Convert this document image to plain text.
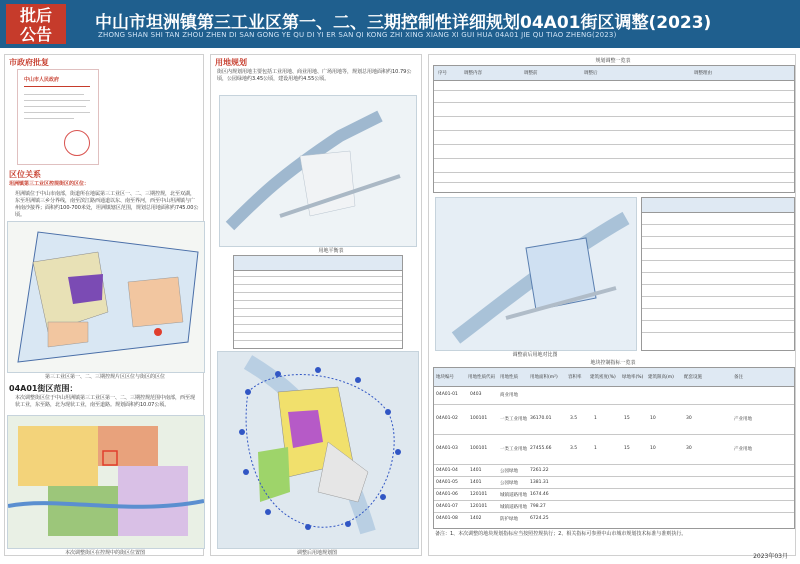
批后
公告
中山市坦洲镇第三工业区第一、二、三期控制性详细规划04A01街区调整(2023)
ZHONG SHAN SHI TAN ZHOU ZHEN DI SAN GONG YE QU DI YI ER SAN QI KONG ZHI XING XIANG XI GUI HUA 04A01 JIE QU TIAO ZHENG(2023)
市政府批复
中山市人民政府
区位关系
坦洲镇第三工业区控规街区的区位：
坦洲镇位于中山市南部，街道所在地属第三工业区一、二、三期控规，北至双湖，东至坦洲镇三乡分界线，南至滨江路西通道以东、南至界河，西至中山坦洲镇与广州南沙接界；面积约100-700米处，坦洲镇辖区范围，规划总用地面积约745.00公顷。
第三工业区第一、二、三期控规片区区位与街区的区位
04A01街区范围：
本次调整街区位于中山坦洲镇第三工业区第一、二、三期控规范围中南部，西至现状工业，东至路，北为现状工业，南至道路。规划面积约10.07公顷。
本次调整街区在控规中的街区位置图
用地规划
街区内规划用地主要包括工业用地、商业用地、广场用地等，规划总用地面积约10.79公顷，公园绿地约3.45公顷，建设用地约4.55公顷。
用地平衡表
调整后用地规划图
规划调整一览表
序号	调整内容	调整前	调整后	调整理由
调整前后用地对比图
地块控制指标一览表
地块编号	用地性质代码 用地性质	用地面积(m²) 容积率 建筑密度(%) 绿地率(%) 建筑限高(m) 配套设施	备注
04A01-01	0403	商业用地
04A01-02	100101	一类工业用地 36170.01	3.5	1	15	10	30	产业用地
04A01-03	100101	一类工业用地 27455.66	3.5	1	15	10	30	产业用地
04A01-04	1401	公园绿地	7261.22
04A01-05	1401	公园绿地	1381.31
04A01-06	120101	城镇道路用地 1674.46
04A01-07	120101	城镇道路用地 798.27
04A01-08	1402	防护绿地	6724.25
备注：1、本次调整的地块规划指标应当按照控规执行；2、相关指标可参照中山市城市规划技术标准与准则执行。
2023年03月
